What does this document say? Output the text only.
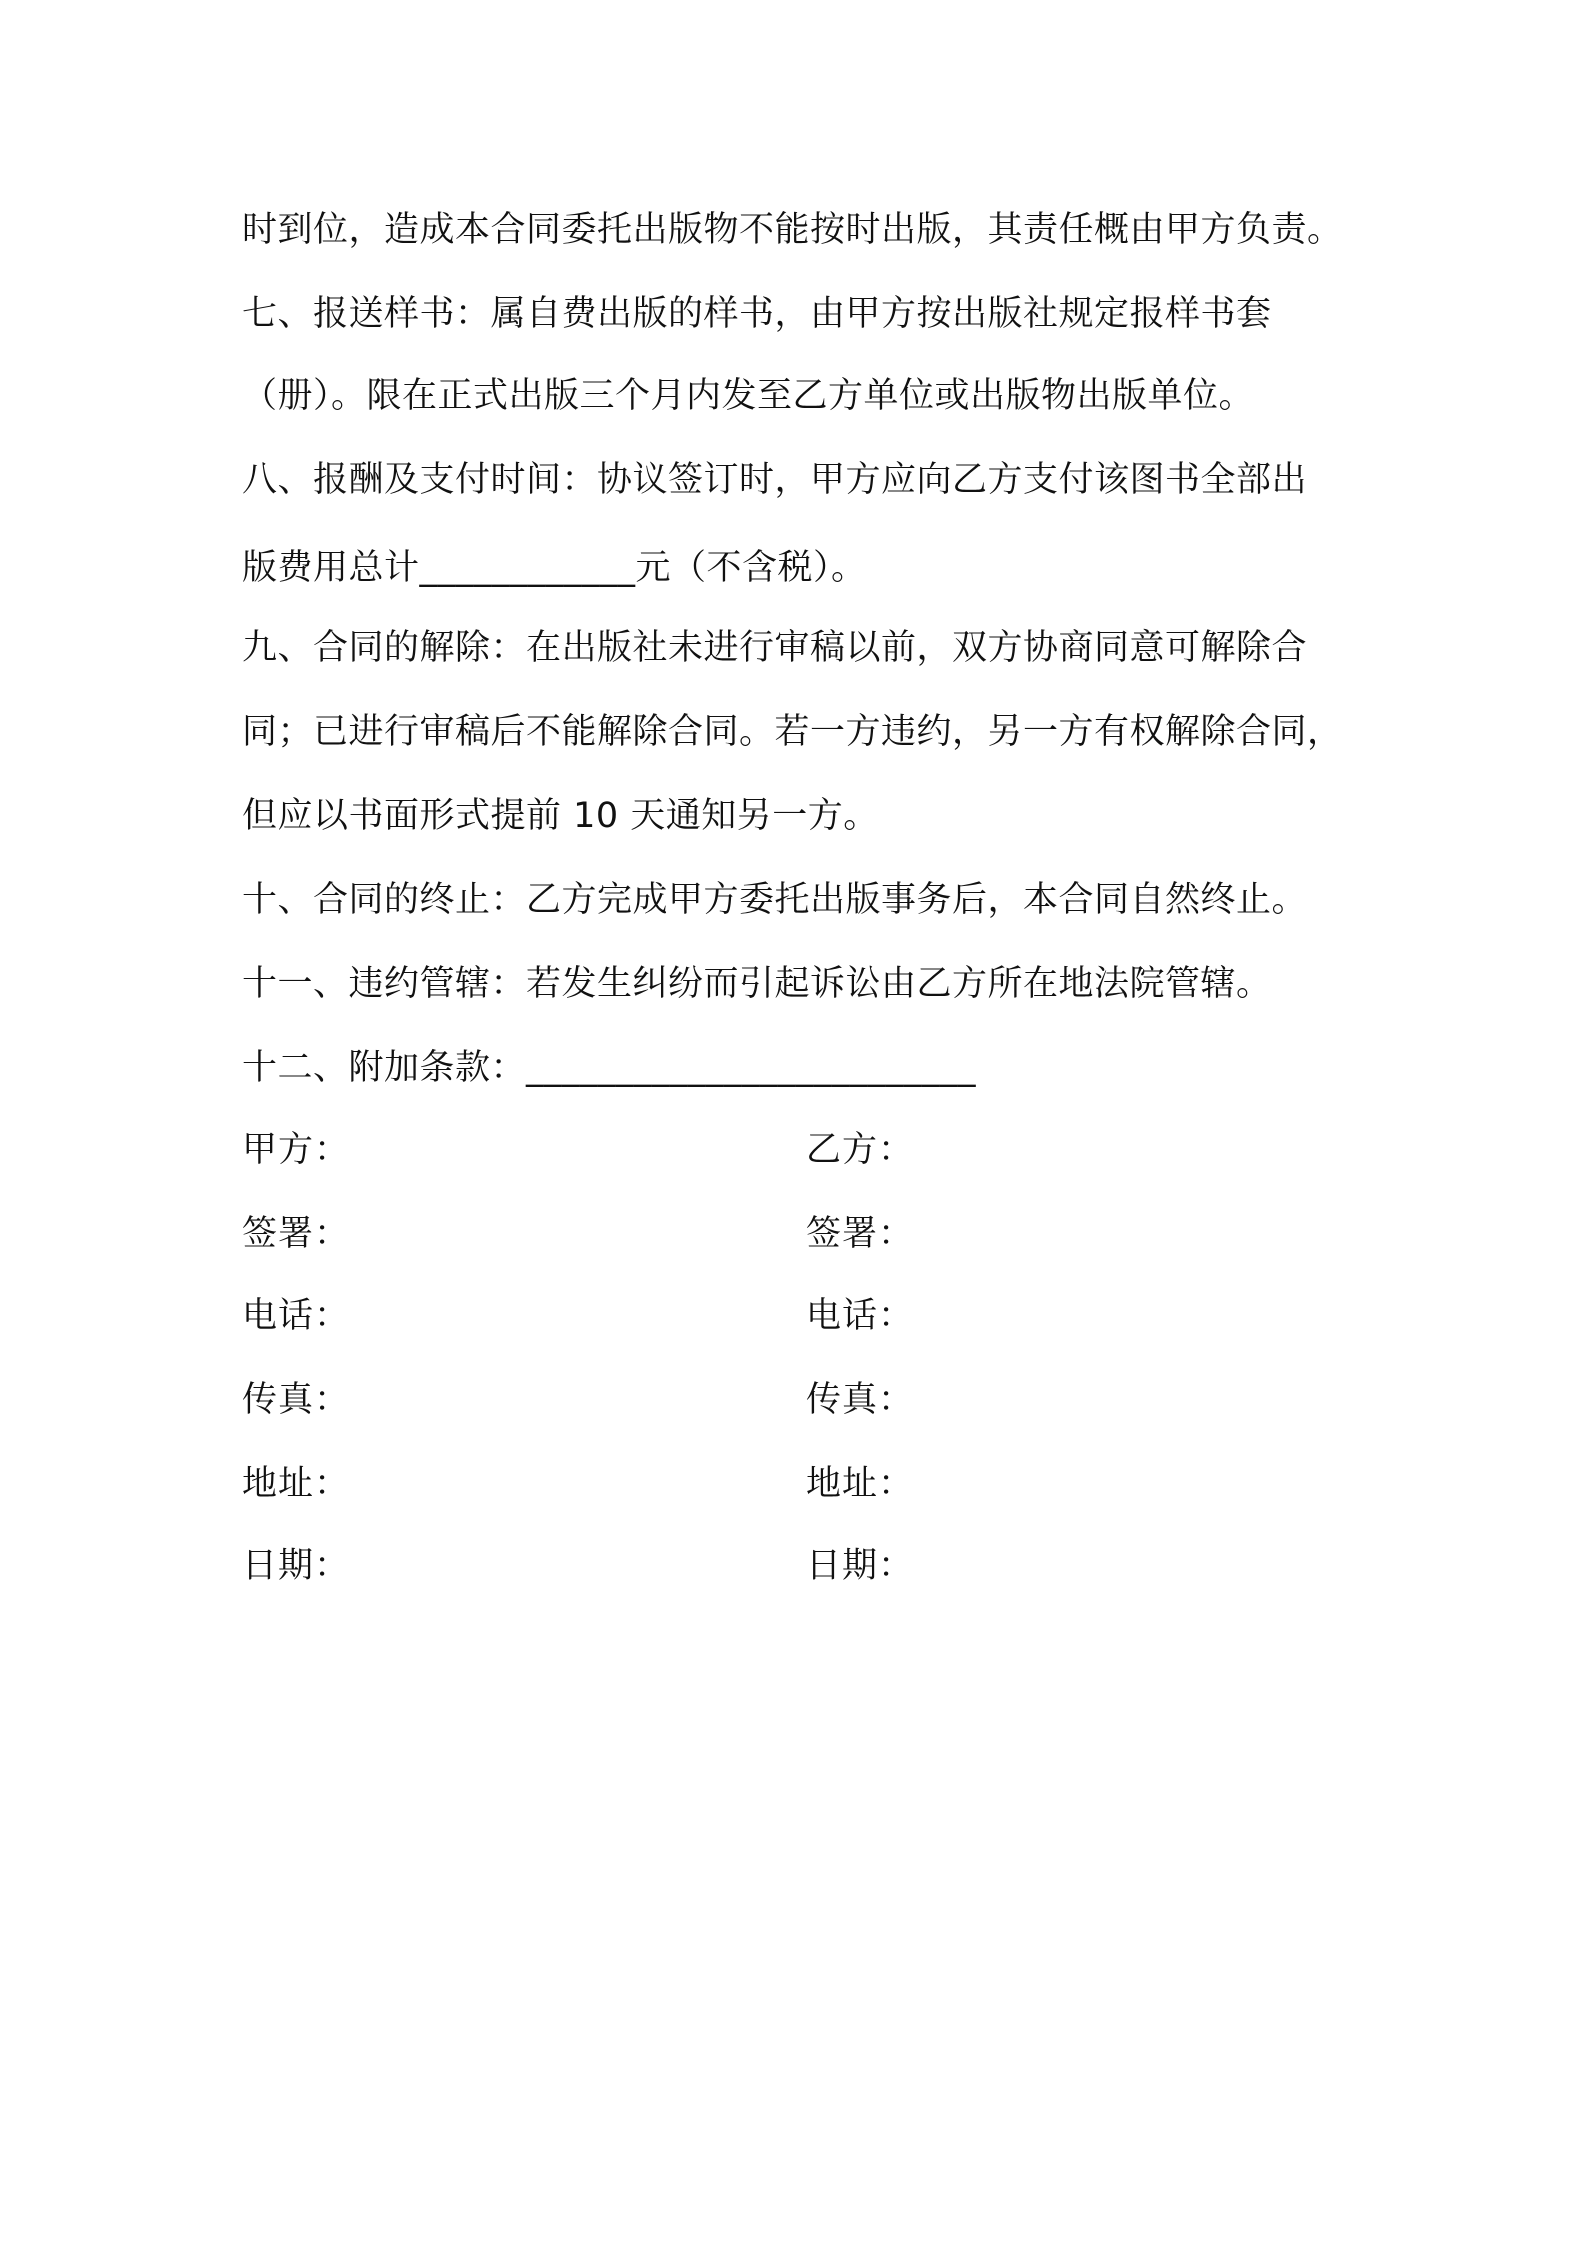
时到位，造成本合同委托出版物不能按时出版，其责任概由甲方负责。
七、报送样书：属自费出版的样书，由甲方按出版社规定报样书套
（册）。限在正式出版三个月内发至乙方单位或出版物出版单位。
八、报酬及支付时间：协议签订时，甲方应向乙方支付该图书全部出
版费用总计____________元（不含税）。
九、合同的解除：在出版社未进行审稿以前，双方协商同意可解除合
同；已进行审稿后不能解除合同。若一方违约，另一方有权解除合同，
但应以书面形式提前 10 天通知另一方。
十、合同的终止：乙方完成甲方委托出版事务后，本合同自然终止。
十一、违约管辖：若发生纠纷而引起诉讼由乙方所在地法院管辖。
十二、附加条款：_________________________
甲方：	乙方：
签署：	签署：
电话：	电话：
传真：	传真：
地址：	地址：
日期：	日期：
